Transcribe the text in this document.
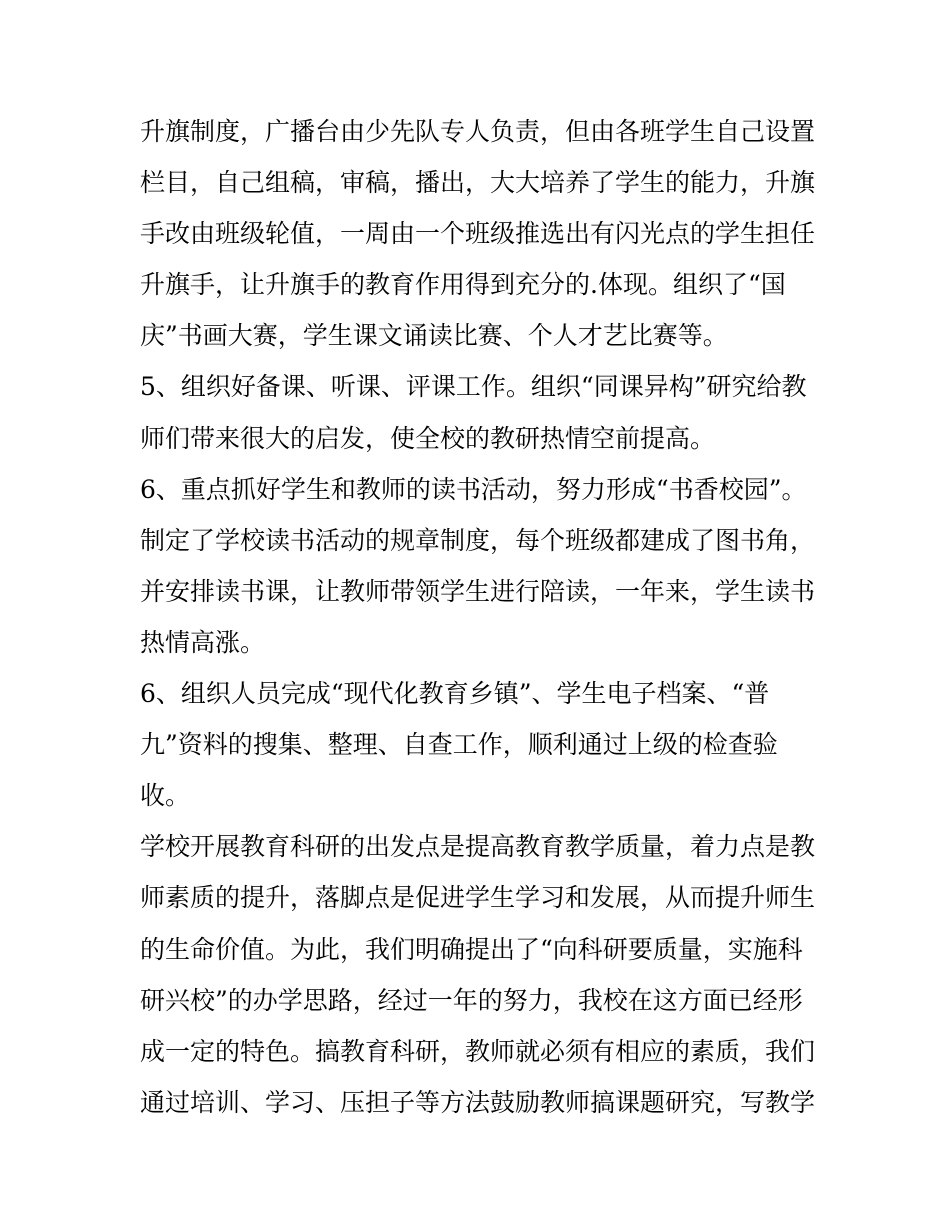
升旗制度，广播台由少先队专人负责，但由各班学生自己设置
栏目，自己组稿，审稿，播出，大大培养了学生的能力，升旗
手改由班级轮值，一周由一个班级推选出有闪光点的学生担任
升旗手，让升旗手的教育作用得到充分的.体现。组织了“国
庆”书画大赛，学生课文诵读比赛、个人才艺比赛等。
5、组织好备课、听课、评课工作。组织“同课异构”研究给教
师们带来很大的启发，使全校的教研热情空前提高。
6、重点抓好学生和教师的读书活动，努力形成“书香校园”。
制定了学校读书活动的规章制度，每个班级都建成了图书角，
并安排读书课，让教师带领学生进行陪读，一年来，学生读书
热情高涨。
6、组织人员完成“现代化教育乡镇”、学生电子档案、“普
九”资料的搜集、整理、自查工作，顺利通过上级的检查验
收。
学校开展教育科研的出发点是提高教育教学质量，着力点是教
师素质的提升，落脚点是促进学生学习和发展，从而提升师生
的生命价值。为此，我们明确提出了“向科研要质量，实施科
研兴校”的办学思路，经过一年的努力，我校在这方面已经形
成一定的特色。搞教育科研，教师就必须有相应的素质，我们
通过培训、学习、压担子等方法鼓励教师搞课题研究，写教学
